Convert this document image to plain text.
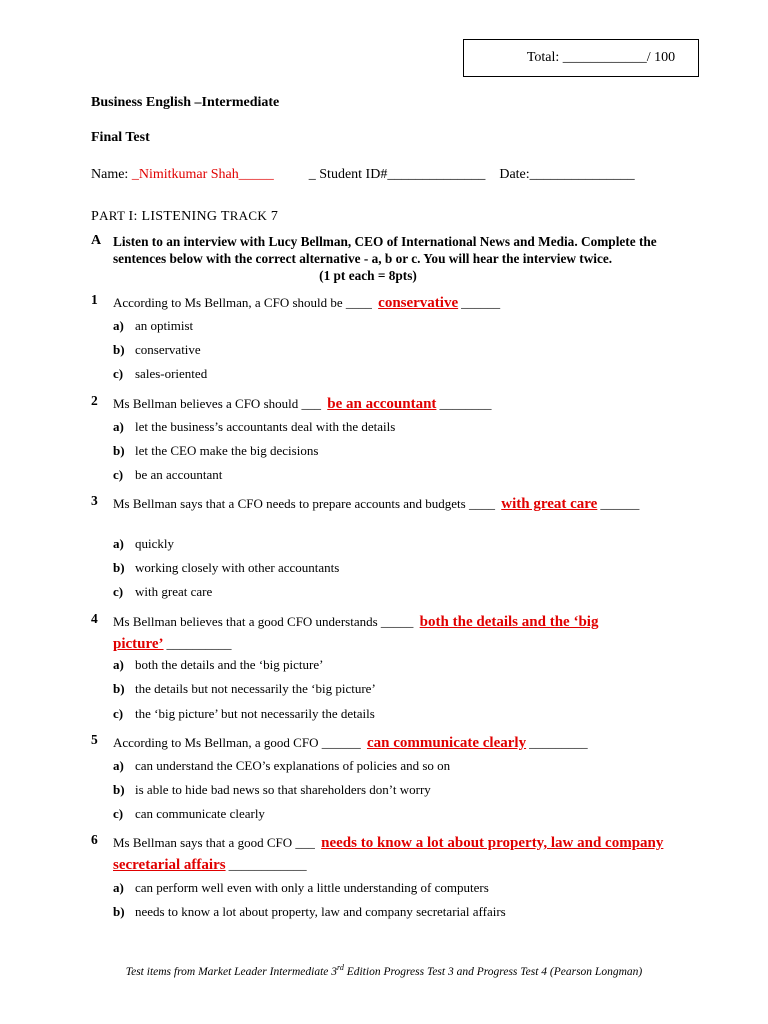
Total: ____________/ 100
Business English –Intermediate
Final Test
Name: _Nimitkumar Shah_____	_ Student ID#______________ Date:_______________
PART I: LISTENING TRACK 7
A Listen to an interview with Lucy Bellman, CEO of International News and Media. Complete the sentences below with the correct alternative - a, b or c. You will hear the interview twice.
(1 pt each = 8pts)
1 According to Ms Bellman, a CFO should be ____ conservative ______
a) an optimist
b) conservative
c) sales-oriented
2 Ms Bellman believes a CFO should ___ be an accountant ________
a) let the business’s accountants deal with the details
b) let the CEO make the big decisions
c) be an accountant
3 Ms Bellman says that a CFO needs to prepare accounts and budgets ____ with great care ______
a) quickly
b) working closely with other accountants
c) with great care
4 Ms Bellman believes that a good CFO understands _____ both the details and the ‘big picture’ __________
a) both the details and the ‘big picture’
b) the details but not necessarily the ‘big picture’
c) the ‘big picture’ but not necessarily the details
5 According to Ms Bellman, a good CFO ______ can communicate clearly _________
a) can understand the CEO’s explanations of policies and so on
b) is able to hide bad news so that shareholders don’t worry
c) can communicate clearly
6 Ms Bellman says that a good CFO ___ needs to know a lot about property, law and company secretarial affairs ____________
a) can perform well even with only a little understanding of computers
b) needs to know a lot about property, law and company secretarial affairs
Test items from Market Leader Intermediate 3rd Edition Progress Test 3 and Progress Test 4 (Pearson Longman)
